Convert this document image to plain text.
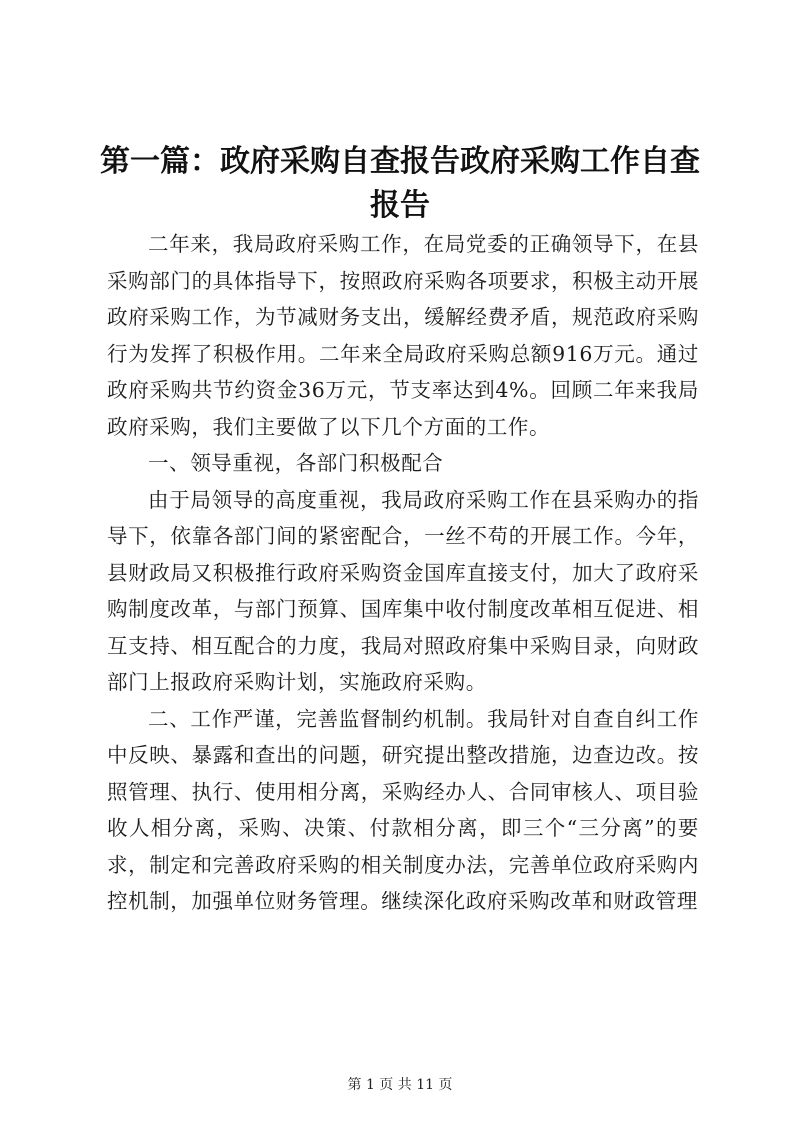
第一篇：政府采购自查报告政府采购工作自查报告

二年来，我局政府采购工作，在局党委的正确领导下，在县采购部门的具体指导下，按照政府采购各项要求，积极主动开展政府采购工作，为节减财务支出，缓解经费矛盾，规范政府采购行为发挥了积极作用。二年来全局政府采购总额916万元。通过政府采购共节约资金36万元，节支率达到4%。回顾二年来我局政府采购，我们主要做了以下几个方面的工作。

一、领导重视，各部门积极配合

由于局领导的高度重视，我局政府采购工作在县采购办的指导下，依靠各部门间的紧密配合，一丝不苟的开展工作。今年，县财政局又积极推行政府采购资金国库直接支付，加大了政府采购制度改革，与部门预算、国库集中收付制度改革相互促进、相互支持、相互配合的力度，我局对照政府集中采购目录，向财政部门上报政府采购计划，实施政府采购。

二、工作严谨，完善监督制约机制。我局针对自查自纠工作中反映、暴露和查出的问题，研究提出整改措施，边查边改。按照管理、执行、使用相分离，采购经办人、合同审核人、项目验收人相分离，采购、决策、付款相分离，即三个“三分离”的要求，制定和完善政府采购的相关制度办法，完善单位政府采购内控机制，加强单位财务管理。继续深化政府采购改革和财政管理

第 1 页 共 11 页
